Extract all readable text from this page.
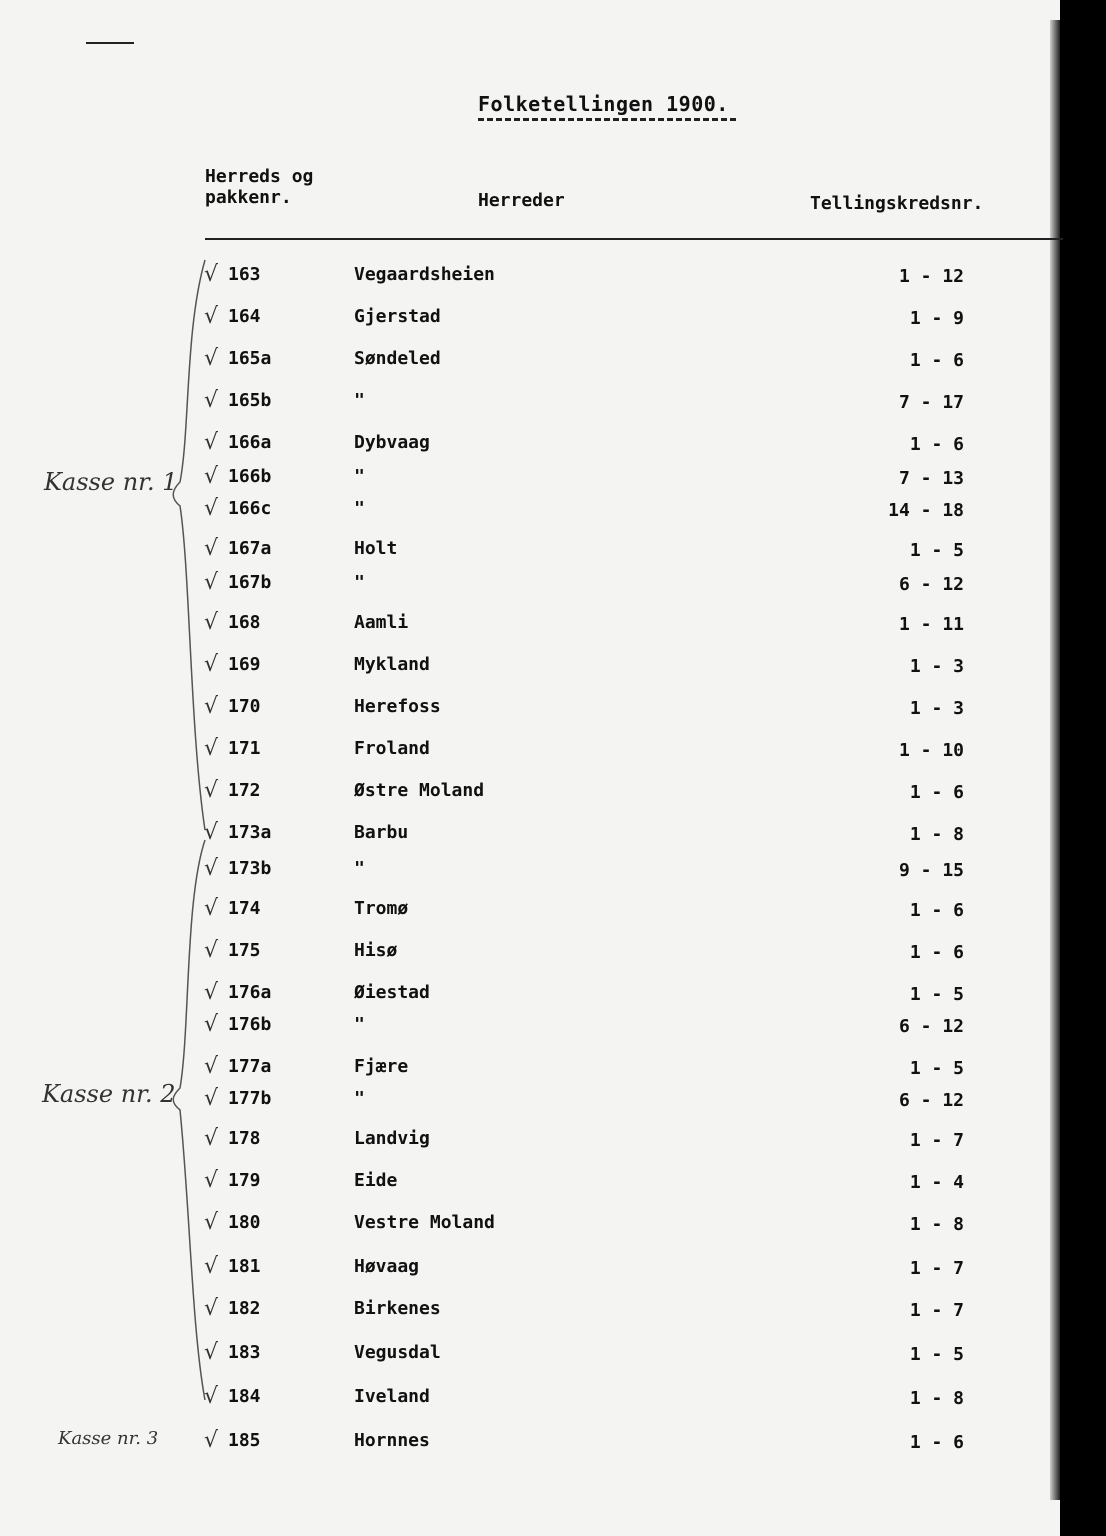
Folketellingen 1900.
Herreds og pakkenr.	Herreder	Tellingskredsnr.
√ 163	Vegaardsheien	1 - 12
√ 164	Gjerstad	1 - 9
√ 165a	Søndeled	1 - 6
√ 165b	"	7 - 17
√ 166a	Dybvaag	1 - 6
√ 166b	"	7 - 13
√ 166c	"	14 - 18
√ 167a	Holt	1 - 5
√ 167b	"	6 - 12
√ 168	Aamli	1 - 11
√ 169	Mykland	1 - 3
√ 170	Herefoss	1 - 3
√ 171	Froland	1 - 10
√ 172	Østre Moland	1 - 6
√ 173a	Barbu	1 - 8
√ 173b	"	9 - 15
√ 174	Tromø	1 - 6
√ 175	Hisø	1 - 6
√ 176a	Øiestad	1 - 5
√ 176b	"	6 - 12
√ 177a	Fjære	1 - 5
√ 177b	"	6 - 12
√ 178	Landvig	1 - 7
√ 179	Eide	1 - 4
√ 180	Vestre Moland	1 - 8
√ 181	Høvaag	1 - 7
√ 182	Birkenes	1 - 7
√ 183	Vegusdal	1 - 5
√ 184	Iveland	1 - 8
√ 185	Hornnes	1 - 6
Kasse nr. 1
Kasse nr. 2
Kasse nr. 3
